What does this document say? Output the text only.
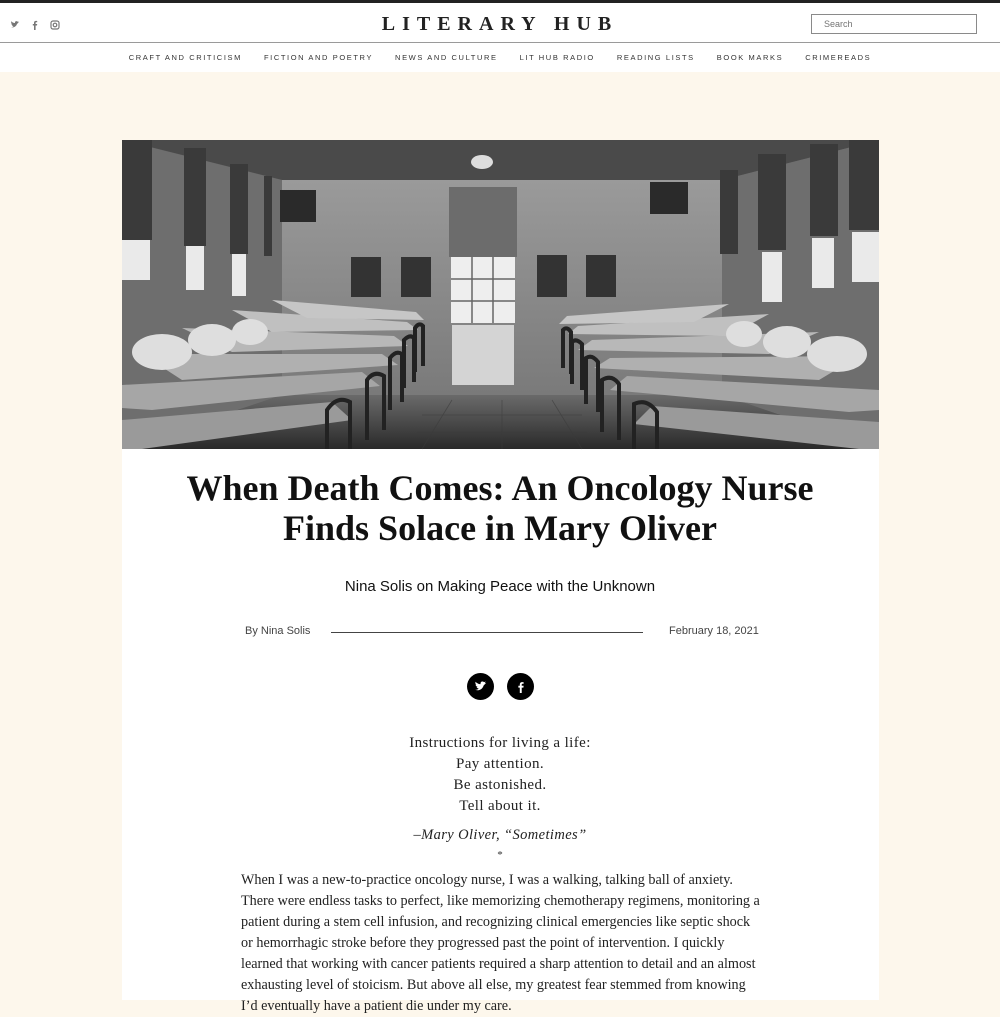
LITERARY HUB
Search
CRAFT AND CRITICISM	FICTION AND POETRY	NEWS AND CULTURE	LIT HUB RADIO	READING LISTS	BOOK MARKS	CRIMEREADS
When Death Comes: An Oncology Nurse
Finds Solace in Mary Oliver
Nina Solis on Making Peace with the Unknown
By Nina Solis	February 18, 2021
Instructions for living a life:
Pay attention.
Be astonished.
Tell about it.
–Mary Oliver, “Sometimes”
*

When I was a new-to-practice oncology nurse, I was a walking, talking ball of anxiety. There were endless tasks to perfect, like memorizing chemotherapy regimens, monitoring a patient during a stem cell infusion, and recognizing clinical emergencies like septic shock or hemorrhagic stroke before they progressed past the point of intervention. I quickly learned that working with cancer patients required a sharp attention to detail and an almost exhausting level of stoicism. But above all else, my greatest fear stemmed from knowing I’d eventually have a patient die under my care.
